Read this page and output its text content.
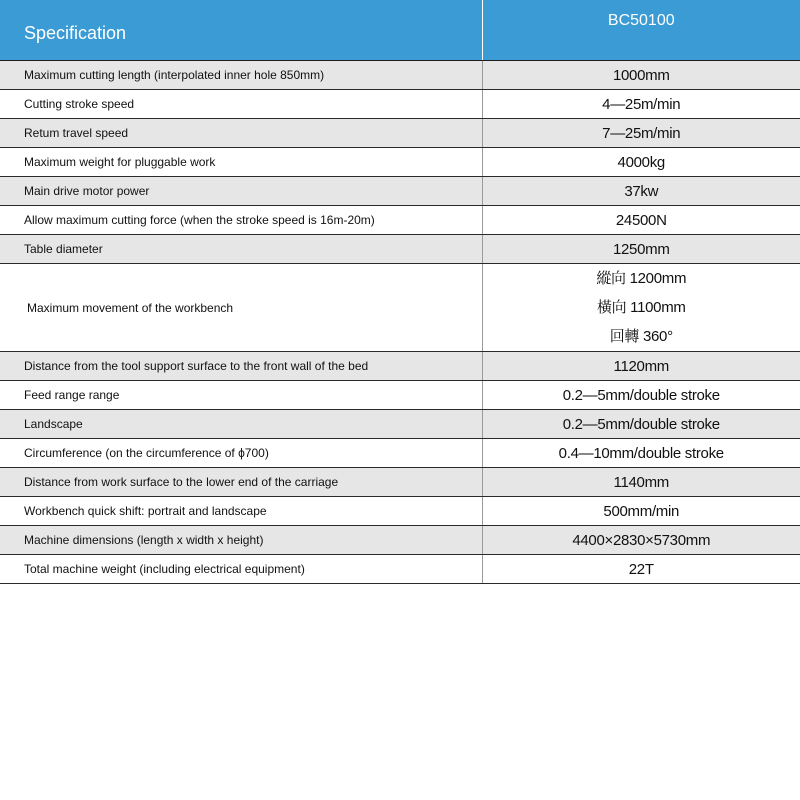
Specification	BC50100
Maximum cutting length (interpolated inner hole 850mm)	1000mm
Cutting stroke speed	4—25m/min
Retum travel speed	7—25m/min
Maximum weight for pluggable work	4000kg
Main drive motor power	37kw
Allow maximum cutting force (when the stroke speed is 16m-20m)	24500N
Table diameter	1250mm
Maximum movement of the workbench	縱向 1200mm
橫向 1100mm
回轉 360°

Distance from the tool support surface to the front wall of the bed	1120mm
Feed range range	0.2—5mm/double stroke
Landscape	0.2—5mm/double stroke
Circumference (on the circumference of ϕ700)	0.4—10mm/double stroke
Distance from work surface to the lower end of the carriage	1140mm
Workbench quick shift: portrait and landscape	500mm/min
Machine dimensions (length x width x height)	4400×2830×5730mm
Total machine weight (including electrical equipment)	22T
